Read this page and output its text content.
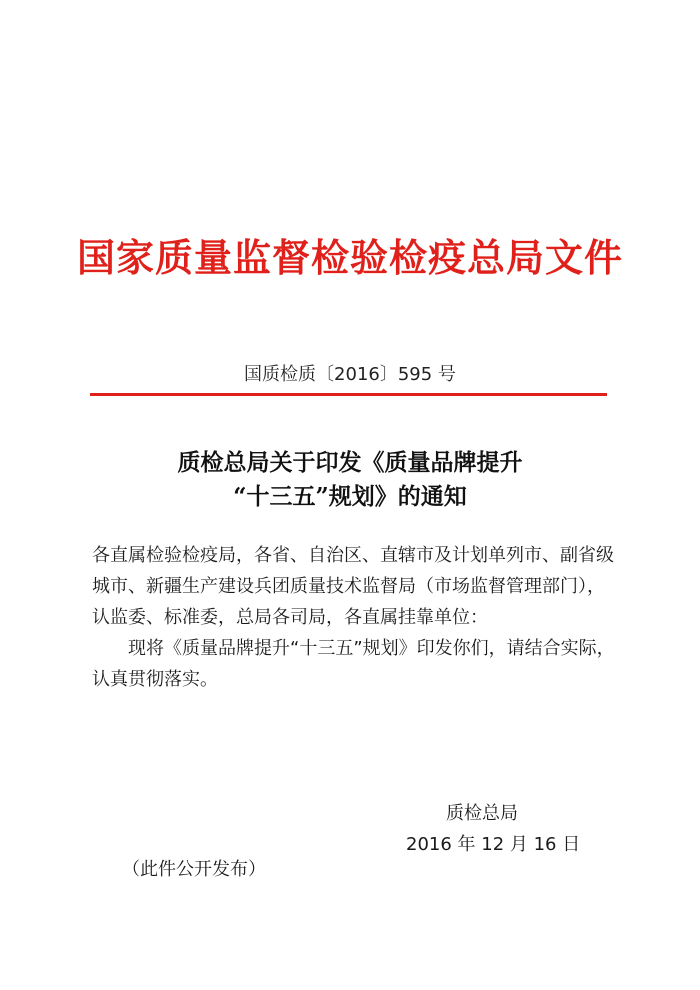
国家质量监督检验检疫总局文件
国质检质〔2016〕595 号
质检总局关于印发《质量品牌提升
“十三五”规划》的通知

各直属检验检疫局，各省、自治区、直辖市及计划单列市、副省级城市、新疆生产建设兵团质量技术监督局（市场监督管理部门），认监委、标准委，总局各司局，各直属挂靠单位：

现将《质量品牌提升“十三五”规划》印发你们，请结合实际，认真贯彻落实。

质检总局
2016 年 12 月 16 日
（此件公开发布）
